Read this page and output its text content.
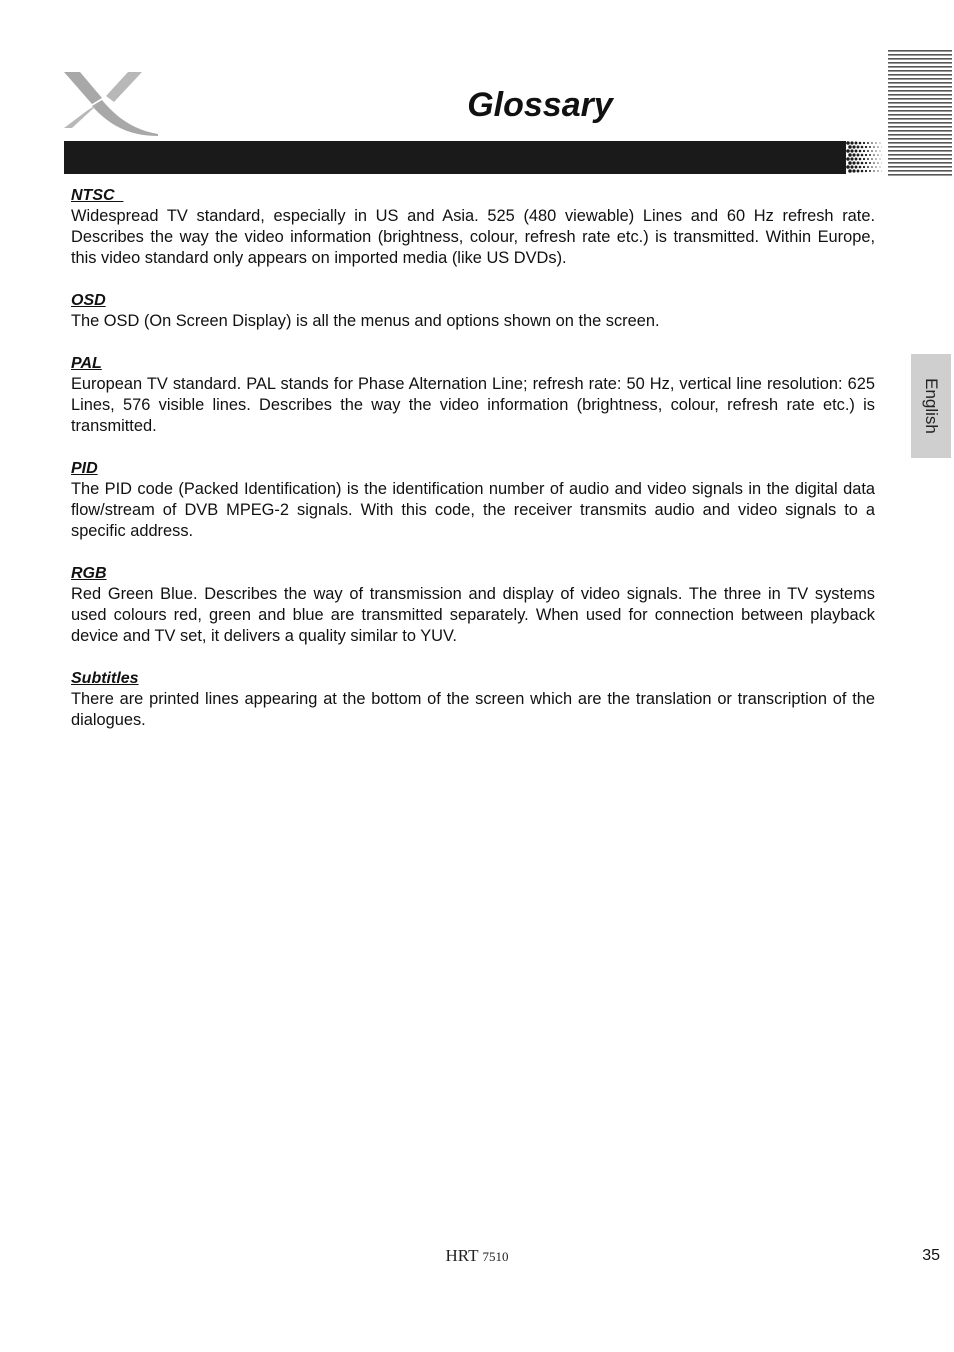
Glossary
English
NTSC

Widespread TV standard, especially in US and Asia. 525 (480 viewable) Lines and 60 Hz refresh rate. Describes the way the video information (brightness, colour, refresh rate etc.) is transmitted. Within Europe, this video standard only appears on imported media (like US DVDs).

OSD

The OSD (On Screen Display) is all the menus and options shown on the screen.

PAL

European TV standard. PAL stands for Phase Alternation Line; refresh rate: 50 Hz, vertical line resolution: 625 Lines, 576 visible lines. Describes the way the video information (brightness, colour, refresh rate etc.) is transmitted.

PID

The PID code (Packed Identification) is the identification number of audio and video signals in the digital data flow/stream of DVB MPEG-2 signals. With this code, the receiver transmits audio and video signals to a specific address.

RGB

Red Green Blue. Describes the way of transmission and display of video signals. The three in TV systems used colours red, green and blue are transmitted separately. When used for connection between playback device and TV set, it delivers a quality similar to YUV.

Subtitles

There are printed lines appearing at the bottom of the screen which are the translation or transcription of the dialogues.

HRT 7510	35
